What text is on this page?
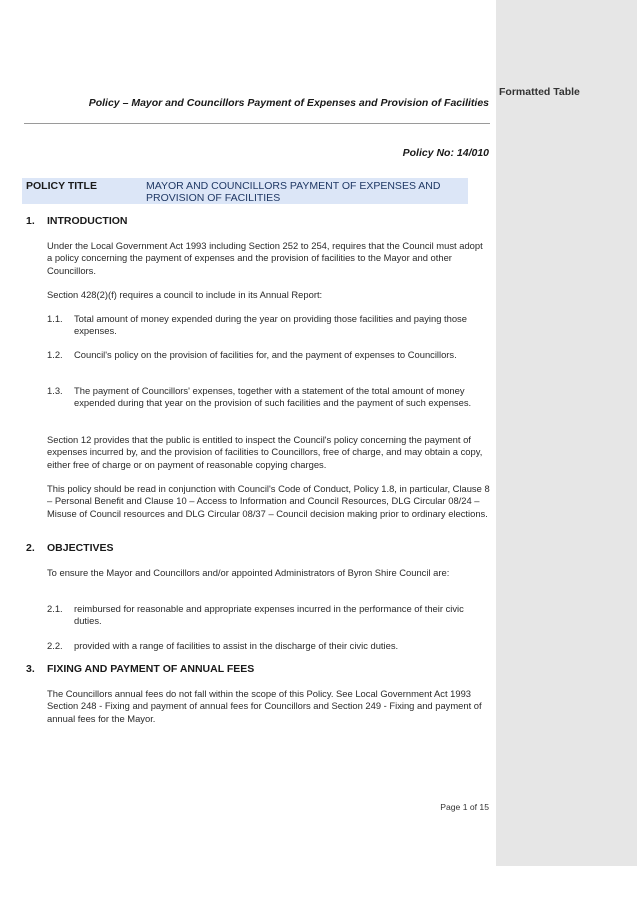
Policy – Mayor and Councillors Payment of Expenses and Provision of Facilities
Policy No: 14/010
POLICY TITLE	MAYOR AND COUNCILLORS PAYMENT OF EXPENSES AND PROVISION OF FACILITIES
1. INTRODUCTION
Under the Local Government Act 1993 including Section 252 to 254, requires that the Council must adopt a policy concerning the payment of expenses and the provision of facilities to the Mayor and other Councillors.
Section 428(2)(f) requires a council to include in its Annual Report:
1.1. Total amount of money expended during the year on providing those facilities and paying those expenses.
1.2. Council's policy on the provision of facilities for, and the payment of expenses to Councillors.
1.3. The payment of Councillors' expenses, together with a statement of the total amount of money expended during that year on the provision of such facilities and the payment of such expenses.
Section 12 provides that the public is entitled to inspect the Council's policy concerning the payment of expenses incurred by, and the provision of facilities to Councillors, free of charge, and may obtain a copy, either free of charge or on payment of reasonable copying charges.
This policy should be read in conjunction with Council's Code of Conduct, Policy 1.8, in particular, Clause 8 – Personal Benefit and Clause 10 – Access to Information and Council Resources, DLG Circular 08/24 – Misuse of Council resources and DLG Circular 08/37 – Council decision making prior to ordinary elections.
2. OBJECTIVES
To ensure the Mayor and Councillors and/or appointed Administrators of Byron Shire Council are:
2.1. reimbursed for reasonable and appropriate expenses incurred in the performance of their civic duties.
2.2. provided with a range of facilities to assist in the discharge of their civic duties.
3. FIXING AND PAYMENT OF ANNUAL FEES
The Councillors annual fees do not fall within the scope of this Policy. See Local Government Act 1993 Section 248 - Fixing and payment of annual fees for Councillors and Section 249 - Fixing and payment of annual fees for the Mayor.
Page 1 of 15
Formatted Table
